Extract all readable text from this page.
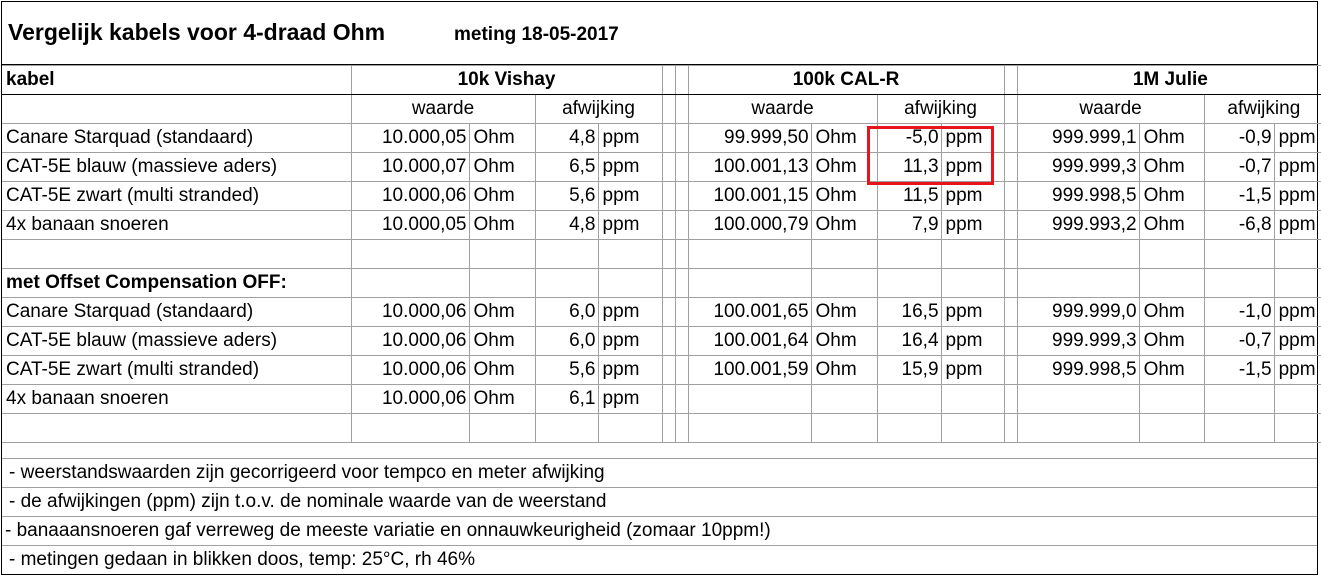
Vergelijk kabels voor 4-draad Ohm	meting 18-05-2017
kabel	10k Vishay						100k CAL-R					1M Julie			
	waarde		afwijking				waarde		afwijking			waarde		afwijking	
Canare Starquad (standaard)	10.000,05	Ohm	4,8	ppm			99.999,50	Ohm	-5,0	ppm		999.999,1	Ohm	-0,9	ppm
CAT-5E blauw (massieve aders)	10.000,07	Ohm	6,5	ppm			100.001,13	Ohm	11,3	ppm		999.999,3	Ohm	-0,7	ppm
CAT-5E zwart (multi stranded)	10.000,06	Ohm	5,6	ppm			100.001,15	Ohm	11,5	ppm		999.998,5	Ohm	-1,5	ppm
4x banaan snoeren	10.000,05	Ohm	4,8	ppm			100.000,79	Ohm	7,9	ppm		999.993,2	Ohm	-6,8	ppm

met Offset Compensation OFF:															
Canare Starquad (standaard)	10.000,06	Ohm	6,0	ppm			100.001,65	Ohm	16,5	ppm		999.999,0	Ohm	-1,0	ppm
CAT-5E blauw (massieve aders)	10.000,06	Ohm	6,0	ppm			100.001,64	Ohm	16,4	ppm		999.999,3	Ohm	-0,7	ppm
CAT-5E zwart (multi stranded)	10.000,06	Ohm	5,6	ppm			100.001,59	Ohm	15,9	ppm		999.998,5	Ohm	-1,5	ppm
4x banaan snoeren	10.000,06	Ohm	6,1	ppm											

- weerstandswaarden zijn gecorrigeerd voor tempco en meter afwijking
- de afwijkingen (ppm) zijn t.o.v. de nominale waarde van de weerstand
- banaaansnoeren gaf verreweg de meeste variatie en onnauwkeurigheid (zomaar 10ppm!)
- metingen gedaan in blikken doos, temp: 25°C, rh 46%
